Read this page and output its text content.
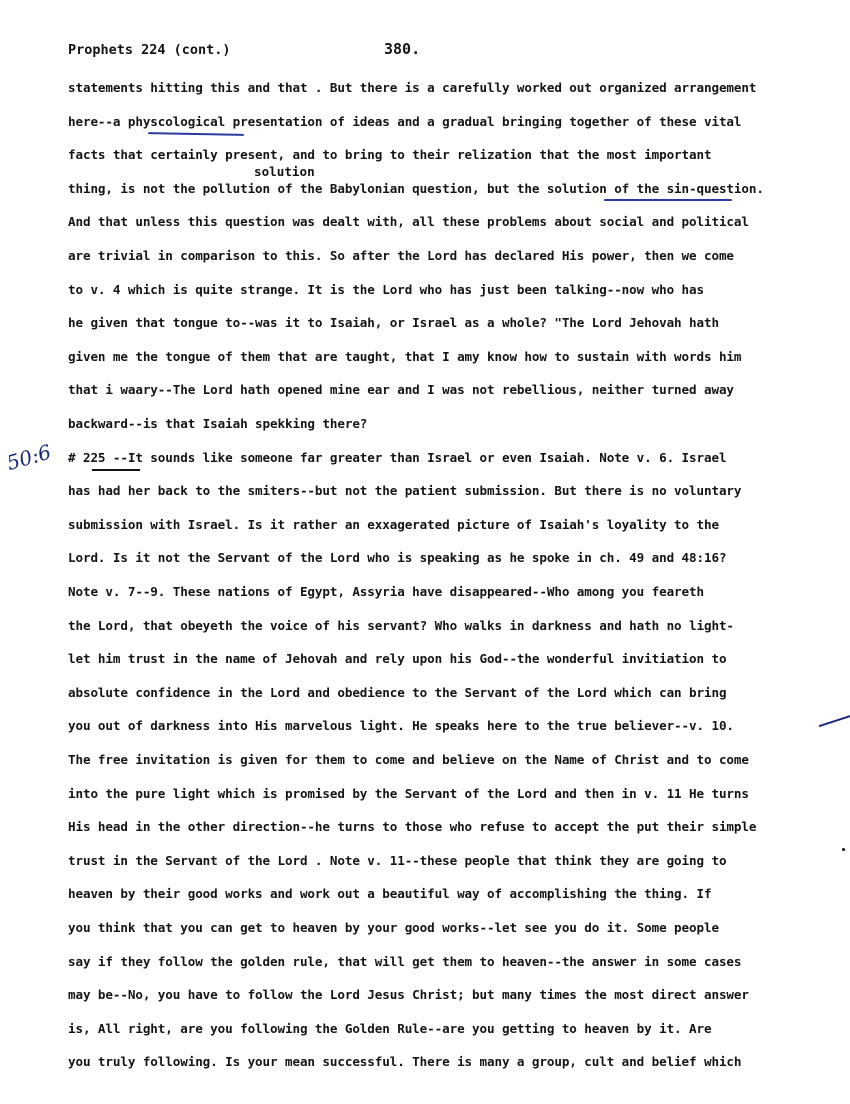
Prophets 224 (cont.)	380.
solution
50:6
statements hitting this and that . But there is a carefully worked out organized arrangement
here--a physcological presentation of ideas and a gradual bringing together of these vital
facts that certainly present, and to bring to their relization that the most important
thing, is not the pollution of the Babylonian question, but the solution of the sin-question.
And that unless this question was dealt with, all these problems about social and political
are trivial in comparison to this. So after the Lord has declared His power, then we come
to v. 4 which is quite strange. It is the Lord who has just been talking--now who has
he given that tongue to--was it to Isaiah, or Israel as a whole? "The Lord Jehovah hath
given me the tongue of them that are taught, that I amy know how to sustain with words him
that i waary--The Lord hath opened mine ear and I was not rebellious, neither turned away
backward--is that Isaiah spekking there?
# 225 --It sounds like someone far greater than Israel or even Isaiah. Note v. 6. Israel
has had her back to the smiters--but not the patient submission. But there is no voluntary
submission with Israel. Is it rather an exxagerated picture of Isaiah's loyality to the
Lord. Is it not the Servant of the Lord who is speaking as he spoke in ch. 49 and 48:16?
Note v. 7--9. These nations of Egypt, Assyria have disappeared--Who among you feareth
the Lord, that obeyeth the voice of his servant? Who walks in darkness and hath no light-
let him trust in the name of Jehovah and rely upon his God--the wonderful invitiation to
absolute confidence in the Lord and obedience to the Servant of the Lord which can bring
you out of darkness into His marvelous light. He speaks here to the true believer--v. 10.
The free invitation is given for them to come and believe on the Name of Christ and to come
into the pure light which is promised by the Servant of the Lord and then in v. 11 He turns
His head in the other direction--he turns to those who refuse to accept the put their simple
trust in the Servant of the Lord . Note v. 11--these people that think they are going to
heaven by their good works and work out a beautiful way of accomplishing the thing. If
you think that you can get to heaven by your good works--let see you do it. Some people
say if they follow the golden rule, that will get them to heaven--the answer in some cases
may be--No, you have to follow the Lord Jesus Christ; but many times the most direct answer
is, All right, are you following the Golden Rule--are you getting to heaven by it. Are
you truly following. Is your mean successful. There is many a group, cult and belief which
